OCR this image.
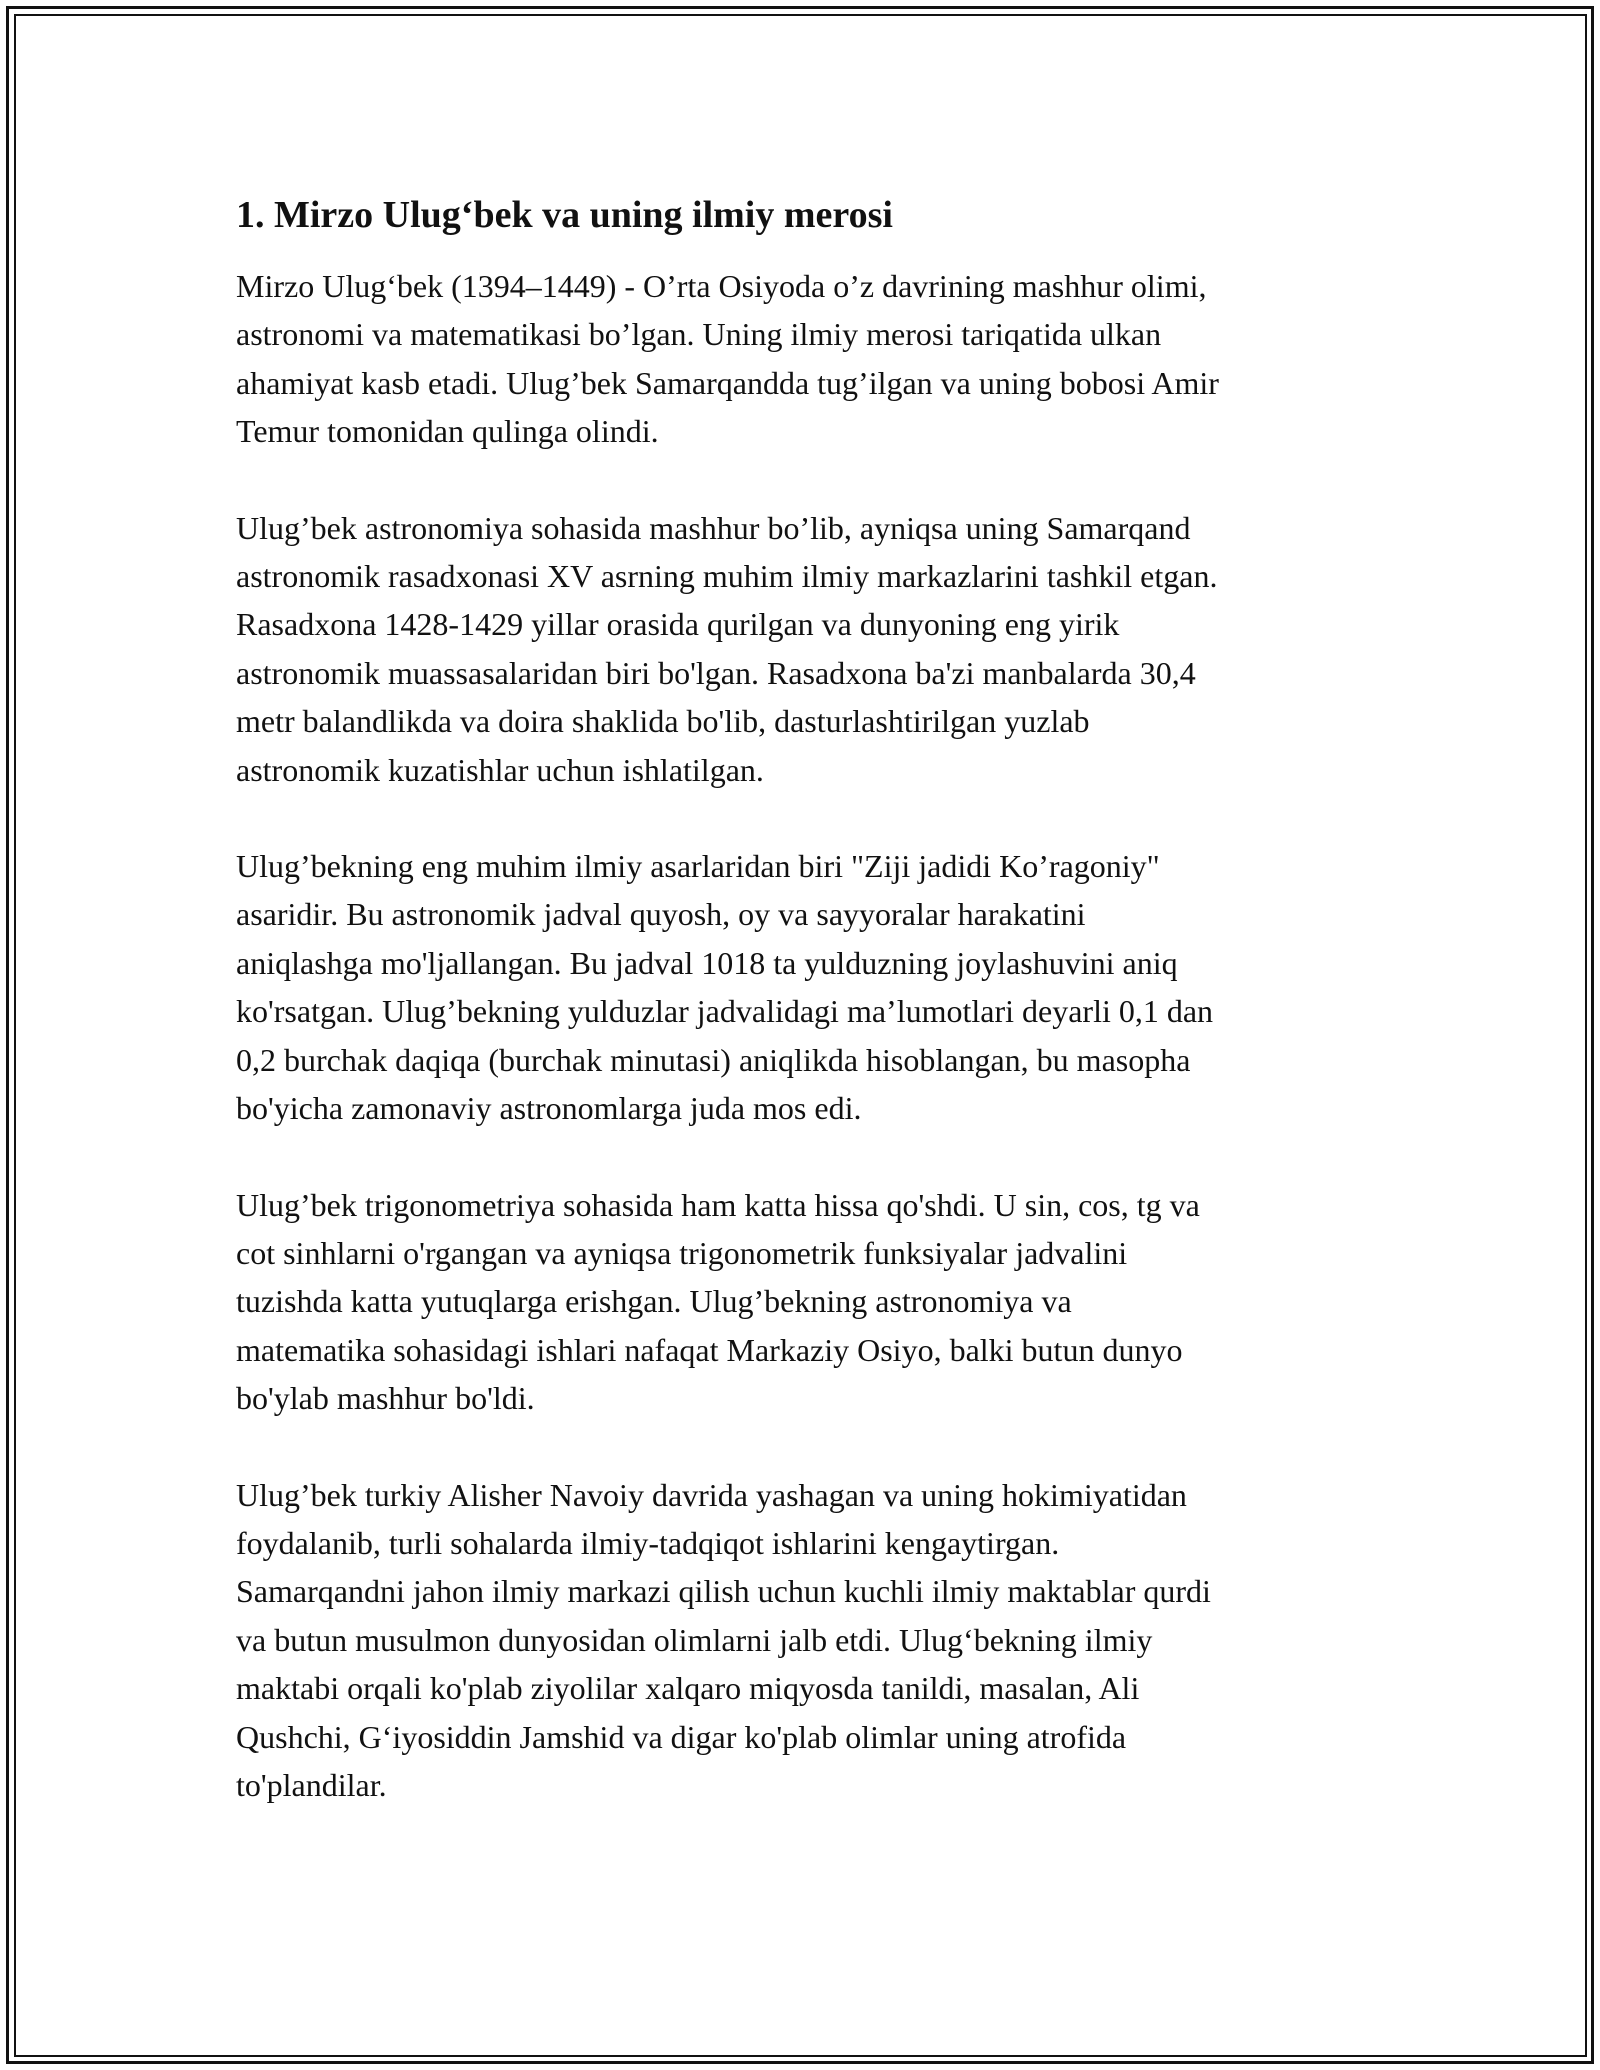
1. Mirzo Ulug‘bek va uning ilmiy merosi

Mirzo Ulug‘bek (1394–1449) - O’rta Osiyoda o’z davrining mashhur olimi,
astronomi va matematikasi bo’lgan. Uning ilmiy merosi tariqatida ulkan
ahamiyat kasb etadi. Ulug’bek Samarqandda tug’ilgan va uning bobosi Amir
Temur tomonidan qulinga olindi.

Ulug’bek astronomiya sohasida mashhur bo’lib, ayniqsa uning Samarqand
astronomik rasadxonasi XV asrning muhim ilmiy markazlarini tashkil etgan.
Rasadxona 1428-1429 yillar orasida qurilgan va dunyoning eng yirik
astronomik muassasalaridan biri bo'lgan. Rasadxona ba'zi manbalarda 30,4
metr balandlikda va doira shaklida bo'lib, dasturlashtirilgan yuzlab
astronomik kuzatishlar uchun ishlatilgan.

Ulug’bekning eng muhim ilmiy asarlaridan biri "Ziji jadidi Ko’ragoniy"
asaridir. Bu astronomik jadval quyosh, oy va sayyoralar harakatini
aniqlashga mo'ljallangan. Bu jadval 1018 ta yulduzning joylashuvini aniq
ko'rsatgan. Ulug’bekning yulduzlar jadvalidagi ma’lumotlari deyarli 0,1 dan
0,2 burchak daqiqa (burchak minutasi) aniqlikda hisoblangan, bu masopha
bo'yicha zamonaviy astronomlarga juda mos edi.

Ulug’bek trigonometriya sohasida ham katta hissa qo'shdi. U sin, cos, tg va
cot sinhlarni o'rgangan va ayniqsa trigonometrik funksiyalar jadvalini
tuzishda katta yutuqlarga erishgan. Ulug’bekning astronomiya va
matematika sohasidagi ishlari nafaqat Markaziy Osiyo, balki butun dunyo
bo'ylab mashhur bo'ldi.

Ulug’bek turkiy Alisher Navoiy davrida yashagan va uning hokimiyatidan
foydalanib, turli sohalarda ilmiy-tadqiqot ishlarini kengaytirgan.
Samarqandni jahon ilmiy markazi qilish uchun kuchli ilmiy maktablar qurdi
va butun musulmon dunyosidan olimlarni jalb etdi. Ulug‘bekning ilmiy
maktabi orqali ko'plab ziyolilar xalqaro miqyosda tanildi, masalan, Ali
Qushchi, G‘iyosiddin Jamshid va digar ko'plab olimlar uning atrofida
to'plandilar.
